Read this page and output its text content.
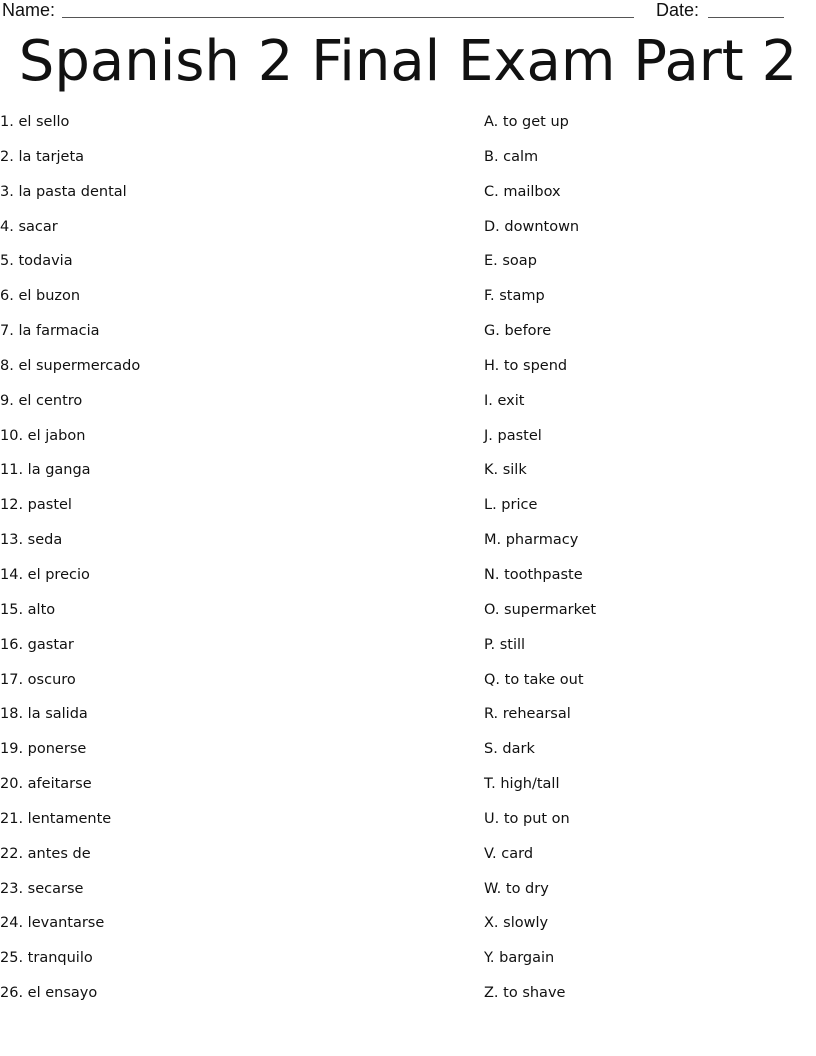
Name:	Date:
Spanish 2 Final Exam Part 2
1. el sello
2. la tarjeta
3. la pasta dental
4. sacar
5. todavia
6. el buzon
7. la farmacia
8. el supermercado
9. el centro
10. el jabon
11. la ganga
12. pastel
13. seda
14. el precio
15. alto
16. gastar
17. oscuro
18. la salida
19. ponerse
20. afeitarse
21. lentamente
22. antes de
23. secarse
24. levantarse
25. tranquilo
26. el ensayo
A. to get up
B. calm
C. mailbox
D. downtown
E. soap
F. stamp
G. before
H. to spend
I. exit
J. pastel
K. silk
L. price
M. pharmacy
N. toothpaste
O. supermarket
P. still
Q. to take out
R. rehearsal
S. dark
T. high/tall
U. to put on
V. card
W. to dry
X. slowly
Y. bargain
Z. to shave
